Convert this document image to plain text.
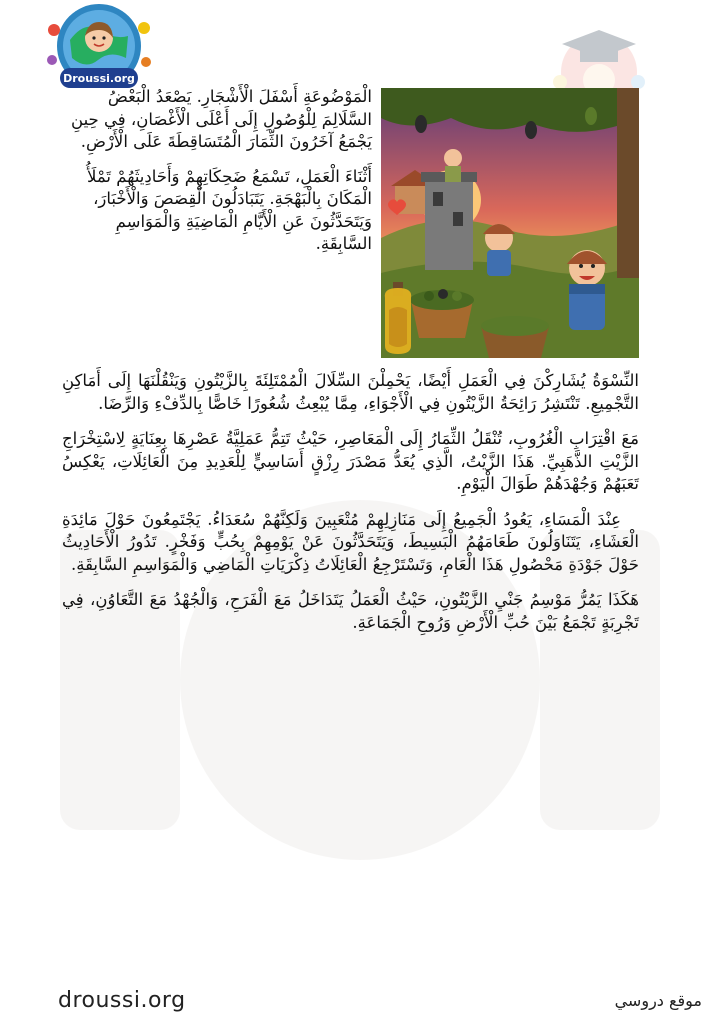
Droussi.org

الْمَوْضُوعَةِ أَسْفَلَ الْأَشْجَارِ. يَصْعَدُ الْبَعْضُ السَّلَالِمَ لِلْوُصُولِ إِلَى أَعْلَى الْأَغْصَانِ، فِي حِينِ يَجْمَعُ آخَرُونَ الثِّمَارَ الْمُتَسَاقِطَةَ عَلَى الْأَرْضِ.

أَثْنَاءَ الْعَمَلِ، تَسْمَعُ ضَحِكَاتِهِمْ وَأَحَادِيثَهُمْ تَمْلَأُ الْمَكَانَ بِالْبَهْجَةِ. يَتَبَادَلُونَ الْقِصَصَ وَالْأَخْبَارَ، وَيَتَحَدَّثُونَ عَنِ الْأَيَّامِ الْمَاضِيَةِ وَالْمَوَاسِمِ السَّابِقَةِ.

النِّسْوَةُ يُشَارِكْنَ فِي الْعَمَلِ أَيْضًا، يَحْمِلْنَ السِّلَالَ الْمُمْتَلِئَةَ بِالزَّيْتُونِ وَيَنْقُلْنَهَا إِلَى أَمَاكِنِ التَّجْمِيعِ. تَنْتَشِرُ رَائِحَةُ الزَّيْتُونِ فِي الْأَجْوَاءِ، مِمَّا يُبْعِثُ شُعُورًا خَاصًّا بِالدِّفْءِ وَالرِّضَا.

مَعَ اقْتِرَابِ الْغُرُوبِ، تُنْقَلُ الثِّمَارُ إِلَى الْمَعَاصِرِ، حَيْثُ تَتِمُّ عَمَلِيَّةُ عَصْرِهَا بِعِنَايَةٍ لِاسْتِخْرَاجِ الزَّيْتِ الذَّهَبِيِّ. هَذَا الزَّيْتُ، الَّذِي يُعَدُّ مَصْدَرَ رِزْقٍ أَسَاسِيٍّ لِلْعَدِيدِ مِنَ الْعَائِلَاتِ، يَعْكِسُ تَعَبَهُمْ وَجُهْدَهُمْ طَوَالَ الْيَوْمِ.

عِنْدَ الْمَسَاءِ، يَعُودُ الْجَمِيعُ إِلَى مَنَازِلِهِمْ مُتْعَبِينَ وَلَكِنَّهُمْ سُعَدَاءُ. يَجْتَمِعُونَ حَوْلَ مَائِدَةِ الْعَشَاءِ، يَتَنَاوَلُونَ طَعَامَهُمُ الْبَسِيطَ، وَيَتَحَدَّثُونَ عَنْ يَوْمِهِمْ بِحُبٍّ وَفَخْرٍ. تَدُورُ الْأَحَادِيثُ حَوْلَ جَوْدَةِ مَحْصُولِ هَذَا الْعَامِ، وَتَسْتَرْجِعُ الْعَائِلَاتُ ذِكْرَيَاتِ الْمَاضِي وَالْمَوَاسِمِ السَّابِقَةِ.

هَكَذَا يَمُرُّ مَوْسِمُ جَنْيِ الزَّيْتُونِ، حَيْثُ الْعَمَلُ يَتَدَاخَلُ مَعَ الْفَرَحِ، وَالْجُهْدُ مَعَ التَّعَاوُنِ، فِي تَجْرِبَةٍ تَجْمَعُ بَيْنَ حُبِّ الْأَرْضِ وَرُوحِ الْجَمَاعَةِ.

droussi.org	موقع دروسي
